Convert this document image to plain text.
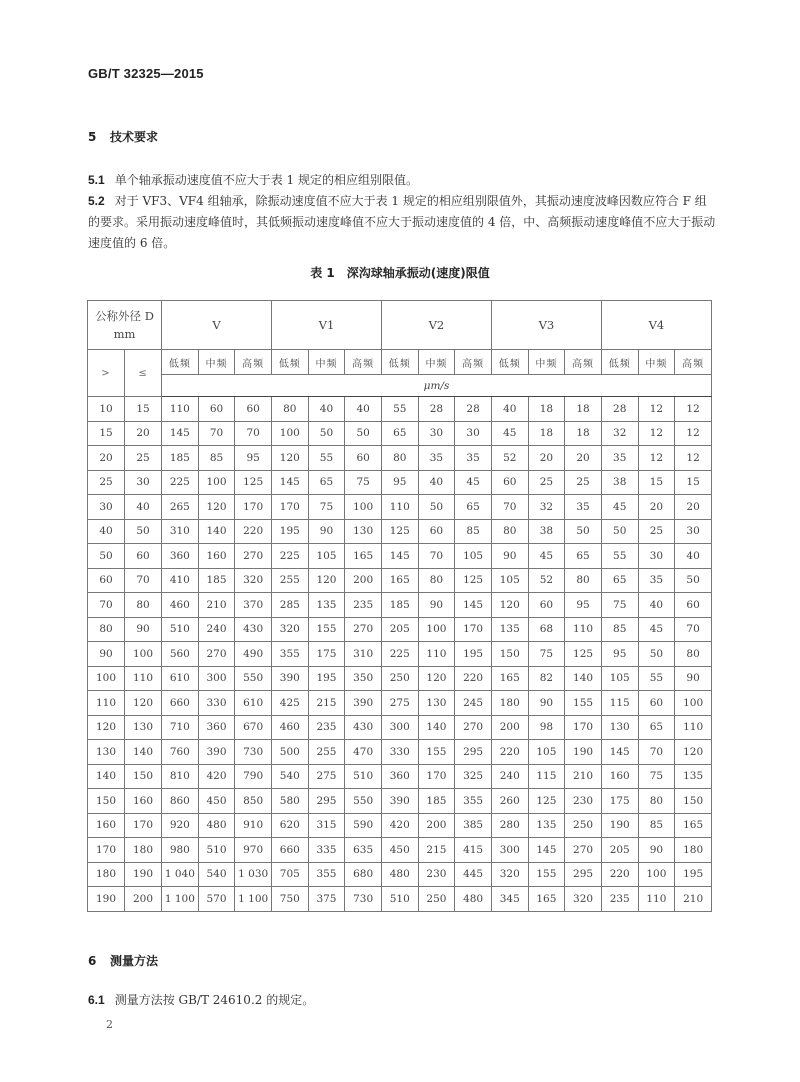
GB/T 32325—2015
5 技术要求
5.1 单个轴承振动速度值不应大于表 1 规定的相应组别限值。
5.2 对于 VF3、VF4 组轴承，除振动速度值不应大于表 1 规定的相应组别限值外，其振动速度波峰因数应符合 F 组的要求。采用振动速度峰值时，其低频振动速度峰值不应大于振动速度值的 4 倍，中、高频振动速度峰值不应大于振动速度值的 6 倍。
表 1　深沟球轴承振动(速度)限值
公称外径 D
mm		V			V1			V2			V3			V4		
>	≤	低频	中频	高频	低频	中频	高频	低频	中频	高频	低频	中频	高频	低频	中频	高频
		μm/s														
10	15	110	60	60	80	40	40	55	28	28	40	18	18	28	12	12
15	20	145	70	70	100	50	50	65	30	30	45	18	18	32	12	12
20	25	185	85	95	120	55	60	80	35	35	52	20	20	35	12	12
25	30	225	100	125	145	65	75	95	40	45	60	25	25	38	15	15
30	40	265	120	170	170	75	100	110	50	65	70	32	35	45	20	20
40	50	310	140	220	195	90	130	125	60	85	80	38	50	50	25	30
50	60	360	160	270	225	105	165	145	70	105	90	45	65	55	30	40
60	70	410	185	320	255	120	200	165	80	125	105	52	80	65	35	50
70	80	460	210	370	285	135	235	185	90	145	120	60	95	75	40	60
80	90	510	240	430	320	155	270	205	100	170	135	68	110	85	45	70
90	100	560	270	490	355	175	310	225	110	195	150	75	125	95	50	80
100	110	610	300	550	390	195	350	250	120	220	165	82	140	105	55	90
110	120	660	330	610	425	215	390	275	130	245	180	90	155	115	60	100
120	130	710	360	670	460	235	430	300	140	270	200	98	170	130	65	110
130	140	760	390	730	500	255	470	330	155	295	220	105	190	145	70	120
140	150	810	420	790	540	275	510	360	170	325	240	115	210	160	75	135
150	160	860	450	850	580	295	550	390	185	355	260	125	230	175	80	150
160	170	920	480	910	620	315	590	420	200	385	280	135	250	190	85	165
170	180	980	510	970	660	335	635	450	215	415	300	145	270	205	90	180
180	190	1 040	540	1 030	705	355	680	480	230	445	320	155	295	220	100	195
190	200	1 100	570	1 100	750	375	730	510	250	480	345	165	320	235	110	210
6 测量方法
6.1 测量方法按 GB/T 24610.2 的规定。
2
